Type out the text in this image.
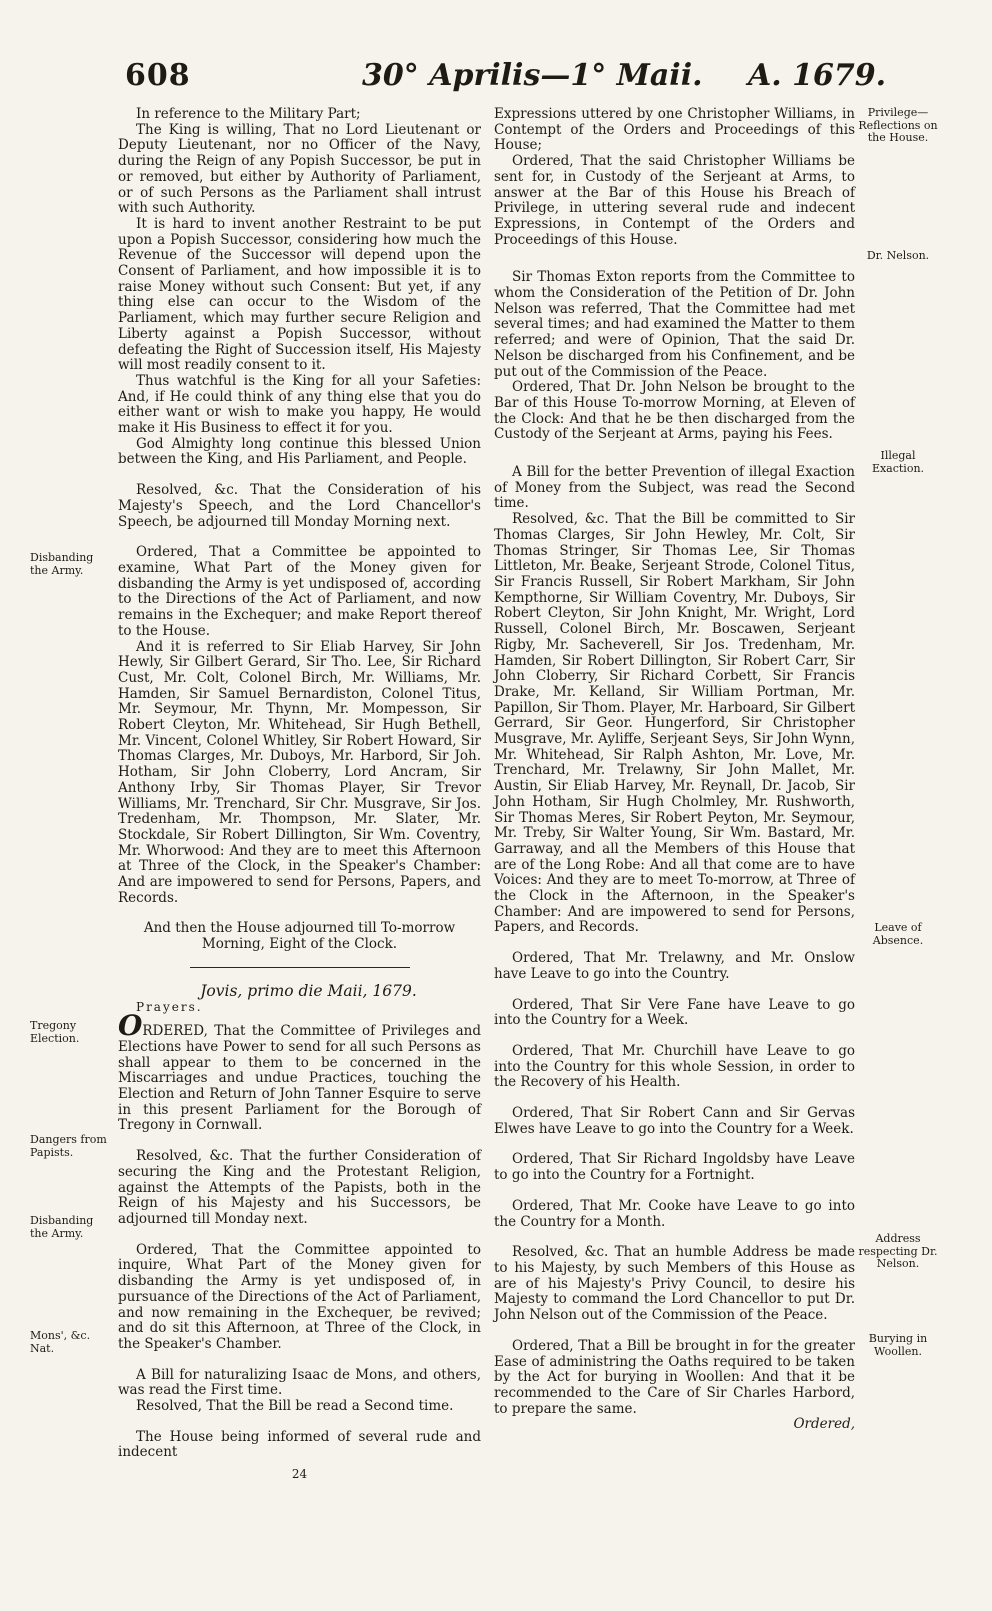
608	30° Aprilis—1° Maii. A. 1679.

In reference to the Military Part;

The King is willing, That no Lord Lieutenant or Deputy Lieutenant, nor no Officer of the Navy, during the Reign of any Popish Successor, be put in or removed, but either by Authority of Parliament, or of such Persons as the Parliament shall intrust with such Authority.

It is hard to invent another Restraint to be put upon a Popish Successor, considering how much the Revenue of the Successor will depend upon the Consent of Parliament, and how impossible it is to raise Money without such Consent: But yet, if any thing else can occur to the Wisdom of the Parliament, which may further secure Religion and Liberty against a Popish Successor, without defeating the Right of Succession itself, His Majesty will most readily consent to it.

Thus watchful is the King for all your Safeties: And, if He could think of any thing else that you do either want or wish to make you happy, He would make it His Business to effect it for you.

God Almighty long continue this blessed Union between the King, and His Parliament, and People.

Resolved, &c. That the Consideration of his Majesty's Speech, and the Lord Chancellor's Speech, be adjourned till Monday Morning next.

Ordered, That a Committee be appointed to examine, What Part of the Money given for disbanding the Army is yet undisposed of, according to the Directions of the Act of Parliament, and now remains in the Exchequer; and make Report thereof to the House.

And it is referred to Sir Eliab Harvey, Sir John Hewly, Sir Gilbert Gerard, Sir Tho. Lee, Sir Richard Cust, Mr. Colt, Colonel Birch, Mr. Williams, Mr. Hamden, Sir Samuel Bernardiston, Colonel Titus, Mr. Seymour, Mr. Thynn, Mr. Mompesson, Sir Robert Cleyton, Mr. Whitehead, Sir Hugh Bethell, Mr. Vincent, Colonel Whitley, Sir Robert Howard, Sir Thomas Clarges, Mr. Duboys, Mr. Harbord, Sir Joh. Hotham, Sir John Cloberry, Lord Ancram, Sir Anthony Irby, Sir Thomas Player, Sir Trevor Williams, Mr. Trenchard, Sir Chr. Musgrave, Sir Jos. Tredenham, Mr. Thompson, Mr. Slater, Mr. Stockdale, Sir Robert Dillington, Sir Wm. Coventry, Mr. Whorwood: And they are to meet this Afternoon at Three of the Clock, in the Speaker's Chamber: And are impowered to send for Persons, Papers, and Records.

And then the House adjourned till To-morrow Morning, Eight of the Clock.

Jovis, primo die Maii, 1679.

Prayers.

ORDERED, That the Committee of Privileges and Elections have Power to send for all such Persons as shall appear to them to be concerned in the Miscarriages and undue Practices, touching the Election and Return of John Tanner Esquire to serve in this present Parliament for the Borough of Tregony in Cornwall.

Resolved, &c. That the further Consideration of securing the King and the Protestant Religion, against the Attempts of the Papists, both in the Reign of his Majesty and his Successors, be adjourned till Monday next.

Ordered, That the Committee appointed to inquire, What Part of the Money given for disbanding the Army is yet undisposed of, in pursuance of the Directions of the Act of Parliament, and now remaining in the Exchequer, be revived; and do sit this Afternoon, at Three of the Clock, in the Speaker's Chamber.

A Bill for naturalizing Isaac de Mons, and others, was read the First time.

Resolved, That the Bill be read a Second time.

The House being informed of several rude and indecent

24

Expressions uttered by one Christopher Williams, in Contempt of the Orders and Proceedings of this House;

Ordered, That the said Christopher Williams be sent for, in Custody of the Serjeant at Arms, to answer at the Bar of this House his Breach of Privilege, in uttering several rude and indecent Expressions, in Contempt of the Orders and Proceedings of this House.

Sir Thomas Exton reports from the Committee to whom the Consideration of the Petition of Dr. John Nelson was referred, That the Committee had met several times; and had examined the Matter to them referred; and were of Opinion, That the said Dr. Nelson be discharged from his Confinement, and be put out of the Commission of the Peace.

Ordered, That Dr. John Nelson be brought to the Bar of this House To-morrow Morning, at Eleven of the Clock: And that he be then discharged from the Custody of the Serjeant at Arms, paying his Fees.

A Bill for the better Prevention of illegal Exaction of Money from the Subject, was read the Second time.

Resolved, &c. That the Bill be committed to Sir Thomas Clarges, Sir John Hewley, Mr. Colt, Sir Thomas Stringer, Sir Thomas Lee, Sir Thomas Littleton, Mr. Beake, Serjeant Strode, Colonel Titus, Sir Francis Russell, Sir Robert Markham, Sir John Kempthorne, Sir William Coventry, Mr. Duboys, Sir Robert Cleyton, Sir John Knight, Mr. Wright, Lord Russell, Colonel Birch, Mr. Boscawen, Serjeant Rigby, Mr. Sacheverell, Sir Jos. Tredenham, Mr. Hamden, Sir Robert Dillington, Sir Robert Carr, Sir John Cloberry, Sir Richard Corbett, Sir Francis Drake, Mr. Kelland, Sir William Portman, Mr. Papillon, Sir Thom. Player, Mr. Harboard, Sir Gilbert Gerrard, Sir Geor. Hungerford, Sir Christopher Musgrave, Mr. Ayliffe, Serjeant Seys, Sir John Wynn, Mr. Whitehead, Sir Ralph Ashton, Mr. Love, Mr. Trenchard, Mr. Trelawny, Sir John Mallet, Mr. Austin, Sir Eliab Harvey, Mr. Reynall, Dr. Jacob, Sir John Hotham, Sir Hugh Cholmley, Mr. Rushworth, Sir Thomas Meres, Sir Robert Peyton, Mr. Seymour, Mr. Treby, Sir Walter Young, Sir Wm. Bastard, Mr. Garraway, and all the Members of this House that are of the Long Robe: And all that come are to have Voices: And they are to meet To-morrow, at Three of the Clock in the Afternoon, in the Speaker's Chamber: And are impowered to send for Persons, Papers, and Records.

Ordered, That Mr. Trelawny, and Mr. Onslow have Leave to go into the Country.

Ordered, That Sir Vere Fane have Leave to go into the Country for a Week.

Ordered, That Mr. Churchill have Leave to go into the Country for this whole Session, in order to the Recovery of his Health.

Ordered, That Sir Robert Cann and Sir Gervas Elwes have Leave to go into the Country for a Week.

Ordered, That Sir Richard Ingoldsby have Leave to go into the Country for a Fortnight.

Ordered, That Mr. Cooke have Leave to go into the Country for a Month.

Resolved, &c. That an humble Address be made to his Majesty, by such Members of this House as are of his Majesty's Privy Council, to desire his Majesty to command the Lord Chancellor to put Dr. John Nelson out of the Commission of the Peace.

Ordered, That a Bill be brought in for the greater Ease of administring the Oaths required to be taken by the Act for burying in Woollen: And that it be recommended to the Care of Sir Charles Harbord, to prepare the same.

Ordered,

Disbanding the Army.
Tregony Election.
Dangers from Papists.
Disbanding the Army.
Mons', &c. Nat.
Privilege—Reflections on the House.
Dr. Nelson.
Illegal Exaction.
Leave of Absence.
Address respecting Dr. Nelson.
Burying in Woollen.
